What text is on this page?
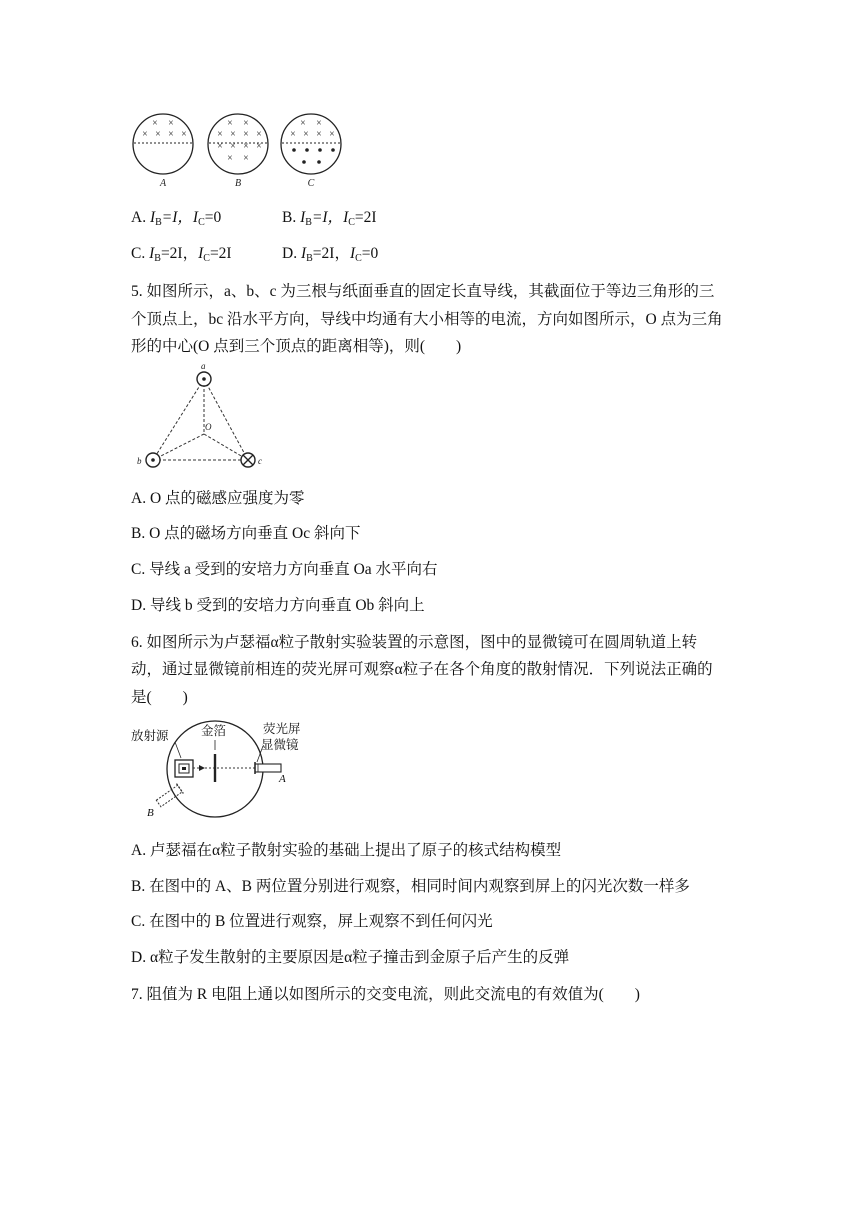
× ×
× × × ×
× ×
× × × ×
× × × ×
× ×
× ×
× × × ×
A	B	C
A. $I_B=I$，$I_C=0$	B. $I_B=I$，$I_C=2I$
C. $I_B=2I$，$I_C=2I$	D. $I_B=2I$，$I_C=0$
5. 如图所示，a、b、c 为三根与纸面垂直的固定长直导线，其截面位于等边三角形的三
个顶点上，bc 沿水平方向，导线中均通有大小相等的电流，方向如图所示，O 点为三角
形的中心(O 点到三个顶点的距离相等)，则(　　)
a
b	c
O
A. O 点的磁感应强度为零
B. O 点的磁场方向垂直 Oc 斜向下
C. 导线 a 受到的安培力方向垂直 Oa 水平向右
D. 导线 b 受到的安培力方向垂直 Ob 斜向上
6. 如图所示为卢瑟福α粒子散射实验装置的示意图，图中的显微镜可在圆周轨道上转
动，通过显微镜前相连的荧光屏可观察α粒子在各个角度的散射情况．下列说法正确的
是(　　)
放射源	金箔	荧光屏
显微镜
A
B
A. 卢瑟福在α粒子散射实验的基础上提出了原子的核式结构模型
B. 在图中的 A、B 两位置分别进行观察，相同时间内观察到屏上的闪光次数一样多
C. 在图中的 B 位置进行观察，屏上观察不到任何闪光
D. α粒子发生散射的主要原因是α粒子撞击到金原子后产生的反弹
7. 阻值为 R 电阻上通以如图所示的交变电流，则此交流电的有效值为(　　)
